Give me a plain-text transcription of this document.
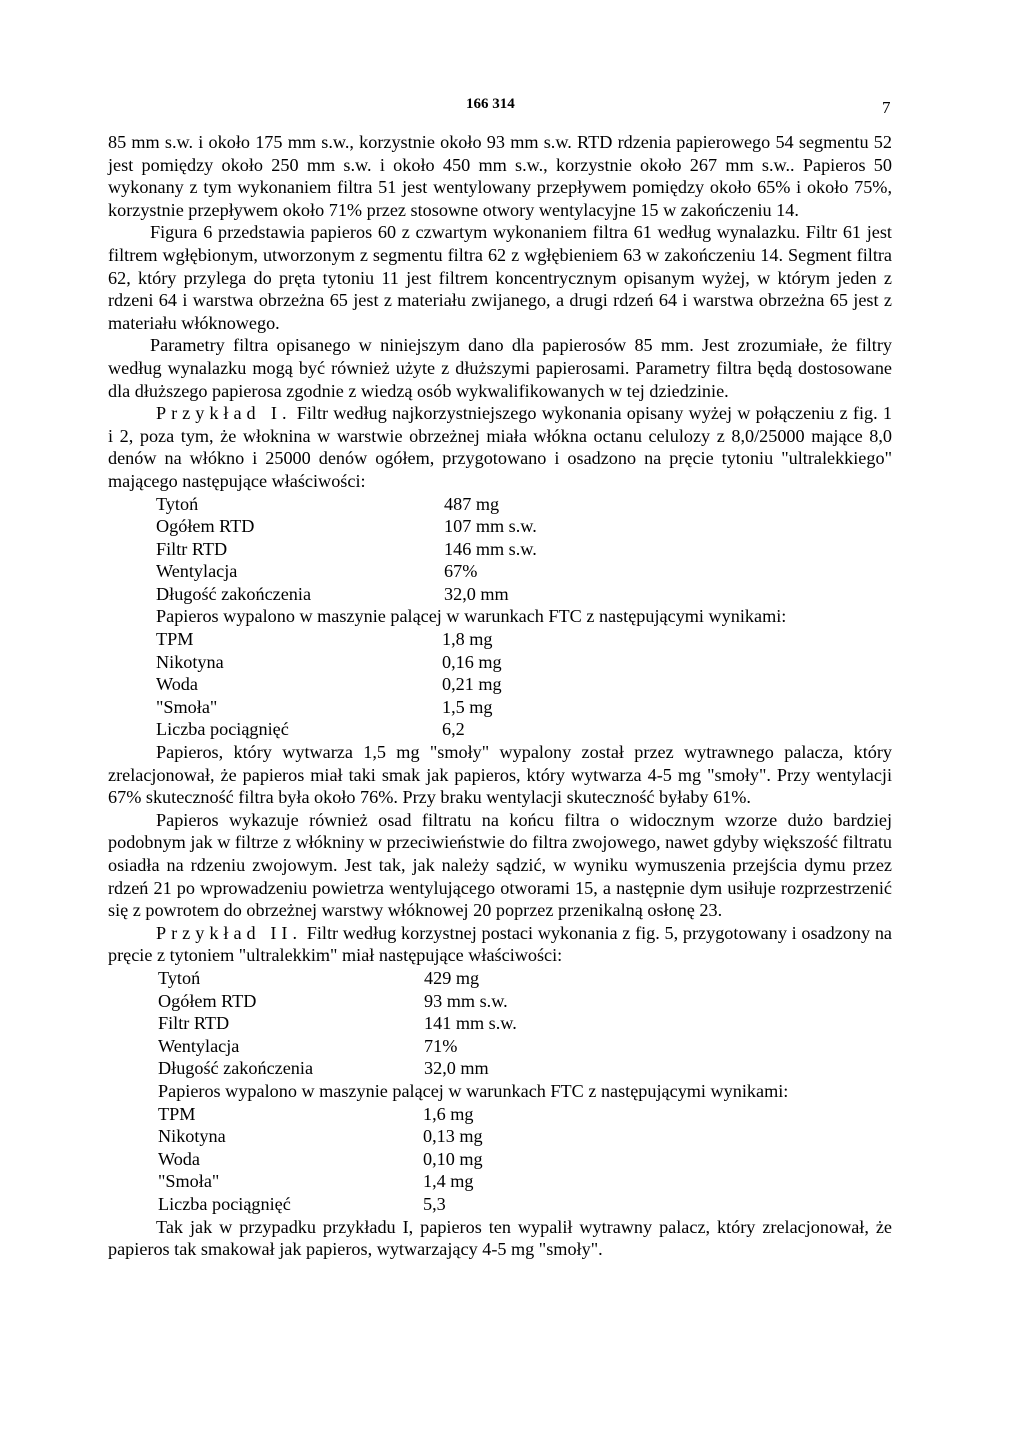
166 314	7

85 mm s.w. i około 175 mm s.w., korzystnie około 93 mm s.w. RTD rdzenia papierowego 54 segmentu 52 jest pomiędzy około 250 mm s.w. i około 450 mm s.w., korzystnie około 267 mm s.w.. Papieros 50 wykonany z tym wykonaniem filtra 51 jest wentylowany przepływem pomiędzy około 65% i około 75%, korzystnie przepływem około 71% przez stosowne otwory wentylacyjne 15 w zakończeniu 14.

Figura 6 przedstawia papieros 60 z czwartym wykonaniem filtra 61 według wynalazku. Filtr 61 jest filtrem wgłębionym, utworzonym z segmentu filtra 62 z wgłębieniem 63 w zakończeniu 14. Segment filtra 62, który przylega do pręta tytoniu 11 jest filtrem koncentrycznym opisanym wyżej, w którym jeden z rdzeni 64 i warstwa obrzeżna 65 jest z materiału zwijanego, a drugi rdzeń 64 i warstwa obrzeżna 65 jest z materiału włóknowego.

Parametry filtra opisanego w niniejszym dano dla papierosów 85 mm. Jest zrozumiałe, że filtry według wynalazku mogą być również użyte z dłuższymi papierosami. Parametry filtra będą dostosowane dla dłuższego papierosa zgodnie z wiedzą osób wykwalifikowanych w tej dziedzinie.

Przykład I. Filtr według najkorzystniejszego wykonania opisany wyżej w połączeniu z fig. 1 i 2, poza tym, że włoknina w warstwie obrzeżnej miała włókna octanu celulozy z 8,0/25000 mające 8,0 denów na włókno i 25000 denów ogółem, przygotowano i osadzono na pręcie tytoniu "ultralekkiego" mającego następujące właściwości:

Tytoń	487 mg
Ogółem RTD	107 mm s.w.
Filtr RTD	146 mm s.w.
Wentylacja	67%
Długość zakończenia	32,0 mm

Papieros wypalono w maszynie palącej w warunkach FTC z następującymi wynikami:

TPM	1,8 mg
Nikotyna	0,16 mg
Woda	0,21 mg
"Smoła"	1,5 mg
Liczba pociągnięć	6,2

Papieros, który wytwarza 1,5 mg "smoły" wypalony został przez wytrawnego palacza, który zrelacjonował, że papieros miał taki smak jak papieros, który wytwarza 4-5 mg "smoły". Przy wentylacji 67% skuteczność filtra była około 76%. Przy braku wentylacji skuteczność byłaby 61%.

Papieros wykazuje również osad filtratu na końcu filtra o widocznym wzorze dużo bardziej podobnym jak w filtrze z włókniny w przeciwieństwie do filtra zwojowego, nawet gdyby większość filtratu osiadła na rdzeniu zwojowym. Jest tak, jak należy sądzić, w wyniku wymuszenia przejścia dymu przez rdzeń 21 po wprowadzeniu powietrza wentylującego otworami 15, a następnie dym usiłuje rozprzestrzenić się z powrotem do obrzeżnej warstwy włóknowej 20 poprzez przenikalną osłonę 23.

Przykład II. Filtr według korzystnej postaci wykonania z fig. 5, przygotowany i osadzony na pręcie z tytoniem "ultralekkim" miał następujące właściwości:

Tytoń	429 mg
Ogółem RTD	93 mm s.w.
Filtr RTD	141 mm s.w.
Wentylacja	71%
Długość zakończenia	32,0 mm

Papieros wypalono w maszynie palącej w warunkach FTC z następującymi wynikami:

TPM	1,6 mg
Nikotyna	0,13 mg
Woda	0,10 mg
"Smoła"	1,4 mg
Liczba pociągnięć	5,3

Tak jak w przypadku przykładu I, papieros ten wypalił wytrawny palacz, który zrelacjonował, że papieros tak smakował jak papieros, wytwarzający 4-5 mg "smoły".
